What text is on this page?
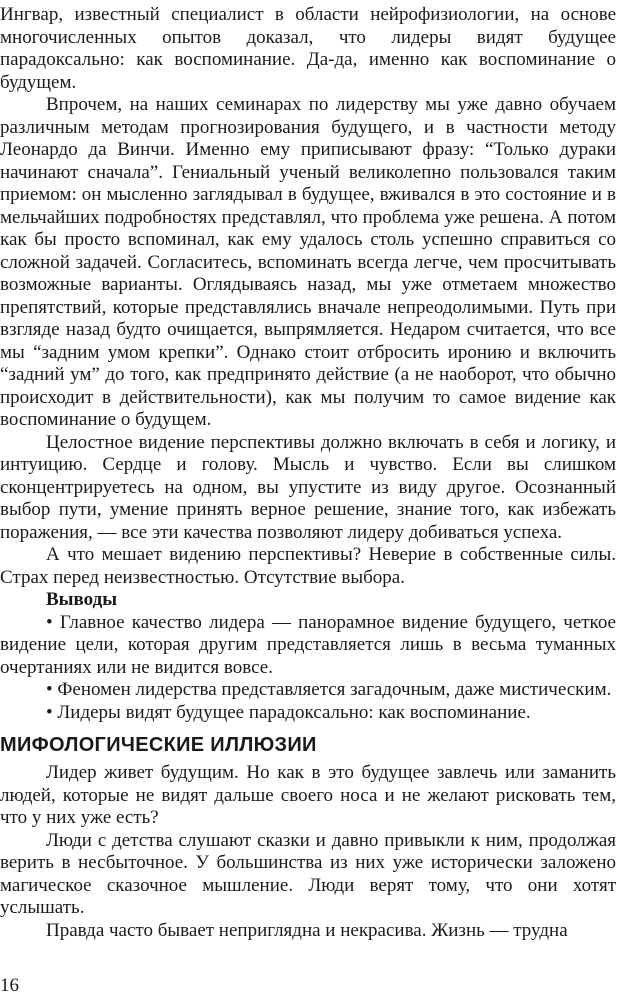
Ингвар, известный специалист в области нейрофизиологии, на основе многочисленных опытов доказал, что лидеры видят будущее парадоксально: как воспоминание. Да-да, именно как воспоминание о будущем.

Впрочем, на наших семинарах по лидерству мы уже давно обучаем различным методам прогнозирования будущего, и в частности методу Леонардо да Винчи. Именно ему приписывают фразу: “Только дураки начинают сначала”. Гениальный ученый великолепно пользовался таким приемом: он мысленно заглядывал в будущее, вживался в это состояние и в мельчайших подробностях представлял, что проблема уже решена. А потом как бы просто вспоминал, как ему удалось столь успешно справиться со сложной задачей. Согласитесь, вспоминать всегда легче, чем просчитывать возможные варианты. Оглядываясь назад, мы уже отметаем множество препятствий, которые представлялись вначале непреодолимыми. Путь при взгляде назад будто очищается, выпрямляется. Недаром считается, что все мы “задним умом крепки”. Однако стоит отбросить иронию и включить “задний ум” до того, как предпринято действие (а не наоборот, что обычно происходит в действительности), как мы получим то самое видение как воспоминание о будущем.

Целостное видение перспективы должно включать в себя и логику, и интуицию. Сердце и голову. Мысль и чувство. Если вы слишком сконцентрируетесь на одном, вы упустите из виду другое. Осознанный выбор пути, умение принять верное решение, знание того, как избежать поражения, — все эти качества позволяют лидеру добиваться успеха.

А что мешает видению перспективы? Неверие в собственные силы. Страх перед неизвестностью. Отсутствие выбора.

Выводы

• Главное качество лидера — панорамное видение будущего, четкое видение цели, которая другим представляется лишь в весьма туманных очертаниях или не видится вовсе.

• Феномен лидерства представляется загадочным, даже мистическим.

• Лидеры видят будущее парадоксально: как воспоминание.

МИФОЛОГИЧЕСКИЕ ИЛЛЮЗИИ

Лидер живет будущим. Но как в это будущее завлечь или заманить людей, которые не видят дальше своего носа и не желают рисковать тем, что у них уже есть?

Люди с детства слушают сказки и давно привыкли к ним, продолжая верить в несбыточное. У большинства из них уже исторически заложено магическое сказочное мышление. Люди верят тому, что они хотят услышать.

Правда часто бывает неприглядна и некрасива. Жизнь — трудна

16
